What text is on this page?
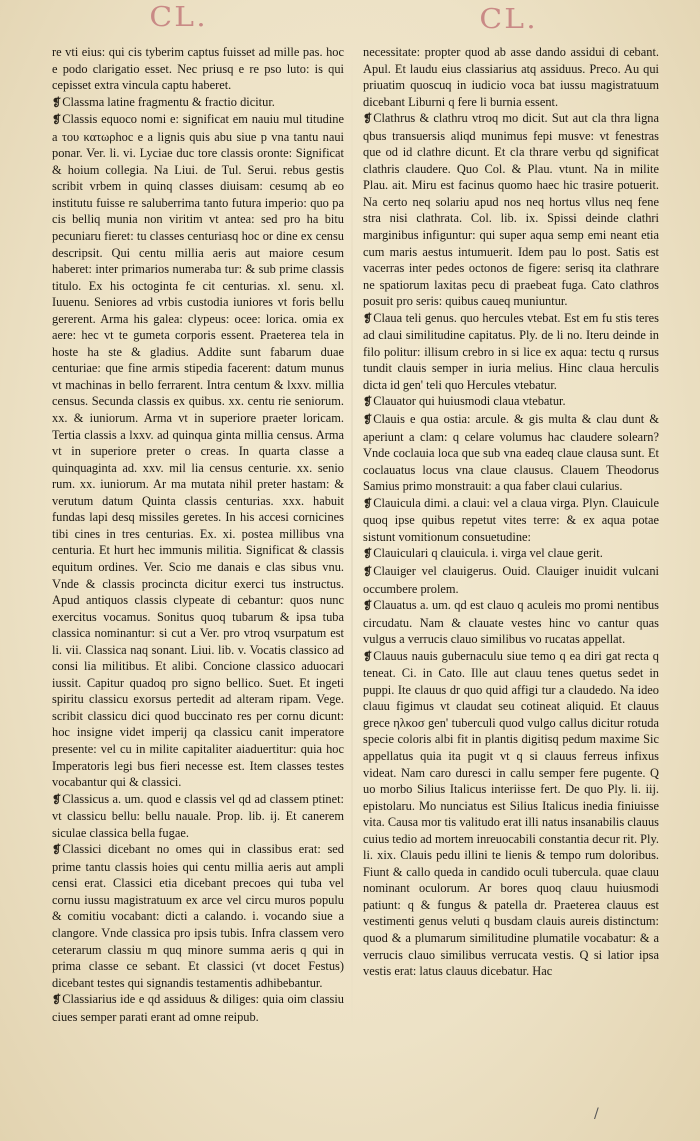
CL.	CL.

re vti eius: qui cis tyberim captus fuisset ad mille pas. hoc e podo clarigatio esset. Nec priusq e re pso luto: is qui cepisset extra vincula captu haberet.

❡ Classma latine fragmentu & fractio dicitur.

❡ Classis equoco nomi e: significat em nauiu mul titudine a του κατωρhoc e a lignis quis abu siue p vna tantu naui ponar. Ver. li. vi. Lyciae duc tore classis oronte: Significat & hoium collegia. Na Liui. de Tul. Serui. rebus gestis scribit vrbem in quinq classes diuisam: cesumq ab eo institutu fuisse re saluberrima tanto futura imperio: quo pa cis belliq munia non viritim vt antea: sed pro ha bitu pecuniaru fieret: tu classes centuriasq hoc or dine ex censu descripsit. Qui centu millia aeris aut maiore cesum haberet: inter primarios numeraba tur: & sub prime classis titulo. Ex his octoginta fe cit centurias. xl. senu. xl. Iuuenu. Seniores ad vrbis custodia iuniores vt foris bellu gererent. Arma his galea: clypeus: ocee: lorica. omia ex aere: hec vt te gumeta corporis essent. Praeterea tela in hoste ha ste & gladius. Addite sunt fabarum duae centuriae: que fine armis stipedia facerent: datum munus vt machinas in bello ferrarent. Intra centum & lxxv. millia census. Secunda classis ex quibus. xx. centu rie seniorum. xx. & iuniorum. Arma vt in superiore praeter loricam. Tertia classis a lxxv. ad quinqua ginta millia census. Arma vt in superiore preter o creas. In quarta classe a quinquaginta ad. xxv. mil lia census centurie. xx. senio rum. xx. iuniorum. Ar ma mutata nihil preter hastam: & verutum datum Quinta classis centurias. xxx. habuit fundas lapi desq missiles geretes. In his accesi cornicines tibi cines in tres centurias. Ex. xi. postea millibus vna centuria. Et hurt hec immunis militia. Significat & classis equitum ordines. Ver. Scio me danais e clas sibus vnu. Vnde & classis procincta dicitur exerci tus instructus. Apud antiquos classis clypeate di cebantur: quos nunc exercitus vocamus. Sonitus quoq tubarum & ipsa tuba classica nominantur: si cut a Ver. pro vtroq vsurpatum est li. vii. Classica naq sonant. Liui. lib. v. Vocatis classico ad consi lia militibus. Et alibi. Concione classico aduocari iussit. Capitur quadoq pro signo bellico. Suet. Et ingeti spiritu classicu exorsus pertedit ad alteram ripam. Vege. scribit classicu dici quod buccinato res per cornu dicunt: hoc insigne videt imperij qa classicu canit imperatore presente: vel cu in milite capitaliter aiaduertitur: quia hoc Imperatoris legi bus fieri necesse est. Item classes testes vocabantur qui & classici.

❡ Classicus a. um. quod e classis vel qd ad classem ptinet: vt classicu bellu: bellu nauale. Prop. lib. ij. Et canerem siculae classica bella fugae.

❡ Classici dicebant no omes qui in classibus erat: sed prime tantu classis hoies qui centu millia aeris aut ampli censi erat. Classici etia dicebant precoes qui tuba vel cornu iussu magistratuum ex arce vel circu muros populu & comitiu vocabant: dicti a calando. i. vocando siue a clangore. Vnde classica pro ipsis tubis. Infra classem vero ceterarum classiu m quq minore summa aeris q qui in prima classe ce sebant. Et classici (vt docet Festus) dicebant testes qui signandis testamentis adhibebantur.

❡ Classiarius ide e qd assiduus & diliges: quia oim classiu ciues semper parati erant ad omne reipub.

necessitate: propter quod ab asse dando assidui di cebant. Apul. Et laudu eius classiarius atq assiduus. Preco. Au qui priuatim quoscuq in iudicio voca bat iussu magistratuum dicebant Liburni q fere li burnia essent.

❡ Clathrus & clathru vtroq mo dicit. Sut aut cla thra ligna qbus transuersis aliqd munimus fepi musve: vt fenestras que od id clathre dicunt. Et cla thrare verbu qd significat clathris claudere. Quo Col. & Plau. vtunt. Na in milite Plau. ait. Miru est facinus quomo haec hic trasire potuerit. Na certo neq solariu apud nos neq hortus vllus neq fene stra nisi clathrata. Col. lib. ix. Spissi deinde clathri marginibus infiguntur: qui super aqua semp emi neant etia cum maris aestus intumuerit. Idem pau lo post. Satis est vacerras inter pedes octonos de figere: serisq ita clathrare ne spatiorum laxitas pecu di praebeat fuga. Cato clathros posuit pro seris: quibus caueq muniuntur.

❡ Claua teli genus. quo hercules vtebat. Est em fu stis teres ad claui similitudine capitatus. Ply. de li no. Iteru deinde in filo politur: illisum crebro in si lice ex aqua: tectu q rursus tundit clauis semper in iuria melius. Hinc claua herculis dicta id gen' teli quo Hercules vtebatur.

❡ Clauator qui huiusmodi claua vtebatur.

❡ Clauis e qua ostia: arcule. & gis multa & clau dunt & aperiunt a clam: q celare volumus hac claudere solearn? Vnde coclauia loca que sub vna eadeq claue clausa sunt. Et coclauatus locus vna claue clausus. Clauem Theodorus Samius primo monstrauit: a qua faber claui cularius.

❡ Clauicula dimi. a claui: vel a claua virga. Plyn. Clauicule quoq ipse quibus repetut vites terre: & ex aqua potae sistunt vomitionum consuetudine:

❡ Clauiculari q clauicula. i. virga vel claue gerit.

❡ Clauiger vel clauigerus. Ouid. Clauiger inuidit vulcani occumbere prolem.

❡ Clauatus a. um. qd est clauo q aculeis mo promi nentibus circudatu. Nam & clauate vestes hinc vo cantur quas vulgus a verrucis clauo similibus vo rucatas appellat.

❡ Clauus nauis gubernaculu siue temo q ea diri gat recta q teneat. Ci. in Cato. Ille aut clauu tenes quetus sedet in puppi. Ite clauus dr quo quid affigi tur a claudedo. Na ideo clauu figimus vt claudat seu cotineat aliquid. Et clauus grece ηλκοσ gen' tuberculi quod vulgo callus dicitur rotuda specie coloris albi fit in plantis digitisq pedum maxime Sic appellatus quia ita pugit vt q si clauus ferreus infixus videat. Nam caro duresci in callu semper fere pugente. Q uo morbo Silius Italicus interiisse fert. De quo Ply. li. iij. epistolaru. Mo nunciatus est Silius Italicus inedia finiuisse vita. Causa mor tis valitudo erat illi natus insanabilis clauus cuius tedio ad mortem inreuocabili constantia decur rit. Ply. li. xix. Clauis pedu illini te lienis & tempo rum doloribus. Fiunt & callo queda in candido oculi tubercula. quae clauu nominant oculorum. Ar bores quoq clauu huiusmodi patiunt: q & fungus & patella dr. Praeterea clauus est vestimenti genus veluti q busdam clauis aureis distinctum: quod & a plumarum similitudine plumatile vocabatur: & a verrucis clauo similibus verrucata vestis. Q si latior ipsa vestis erat: latus clauus dicebatur. Hac

/
